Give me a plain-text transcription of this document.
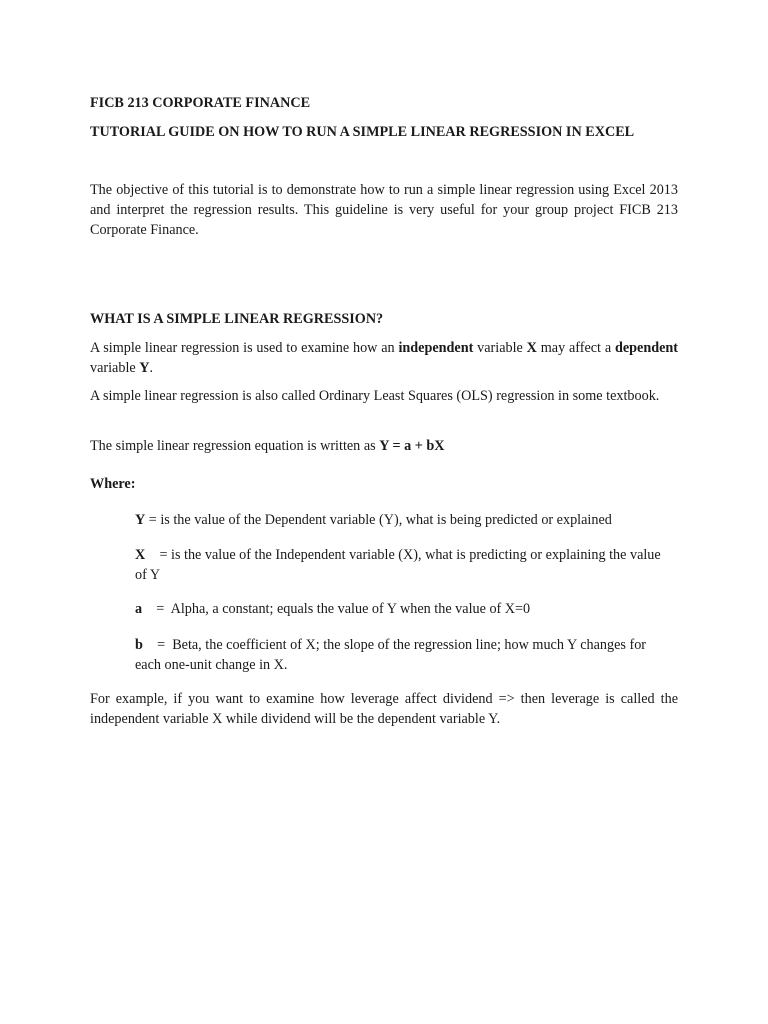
FICB 213 CORPORATE FINANCE

TUTORIAL GUIDE ON HOW TO RUN A SIMPLE LINEAR REGRESSION IN EXCEL

The objective of this tutorial is to demonstrate how to run a simple linear regression using Excel 2013 and interpret the regression results. This guideline is very useful for your group project FICB 213 Corporate Finance.

WHAT IS A SIMPLE LINEAR REGRESSION?

A simple linear regression is used to examine how an independent variable X may affect a dependent variable Y.

A simple linear regression is also called Ordinary Least Squares (OLS) regression in some textbook.

The simple linear regression equation is written as Y = a + bX

Where:

Y = is the value of the Dependent variable (Y), what is being predicted or explained

X    = is the value of the Independent variable (X), what is predicting or explaining the value of Y

a    =  Alpha, a constant; equals the value of Y when the value of X=0

b    =  Beta, the coefficient of X; the slope of the regression line; how much Y changes for each one-unit change in X.

For example, if you want to examine how leverage affect dividend => then leverage is called the independent variable X while dividend will be the dependent variable Y.
